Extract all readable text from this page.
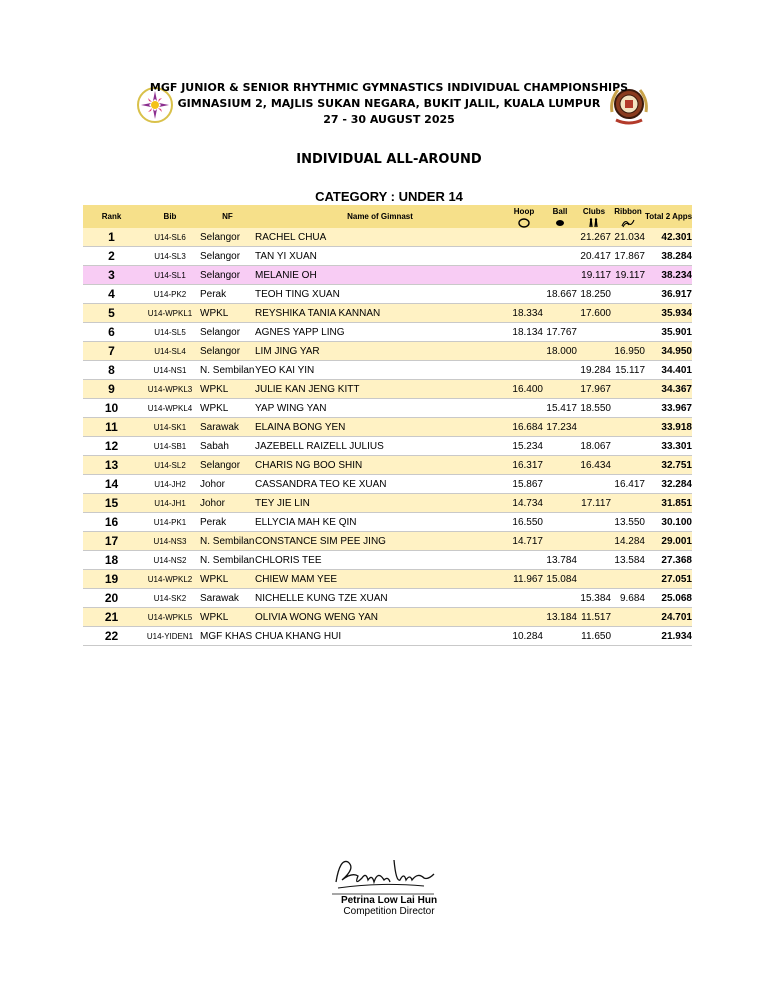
MGF JUNIOR & SENIOR RHYTHMIC GYMNASTICS INDIVIDUAL CHAMPIONSHIPS
GIMNASIUM 2, MAJLIS SUKAN NEGARA, BUKIT JALIL, KUALA LUMPUR
27 - 30 AUGUST 2025
INDIVIDUAL ALL-AROUND
CATEGORY : UNDER 14
Rank	Bib	NF	Name of Gimnast	Hoop	Ball	Clubs	Ribbon	Total 2 Apps
1	U14-SL6	Selangor	RACHEL CHUA			21.267	21.034	42.301
2	U14-SL3	Selangor	TAN YI XUAN			20.417	17.867	38.284
3	U14-SL1	Selangor	MELANIE OH			19.117	19.117	38.234
4	U14-PK2	Perak	TEOH TING XUAN		18.667	18.250		36.917
5	U14-WPKL1	WPKL	REYSHIKA TANIA KANNAN	18.334		17.600		35.934
6	U14-SL5	Selangor	AGNES YAPP LING	18.134	17.767			35.901
7	U14-SL4	Selangor	LIM JING YAR		18.000		16.950	34.950
8	U14-NS1	N. Sembilan	YEO KAI YIN			19.284	15.117	34.401
9	U14-WPKL3	WPKL	JULIE KAN JENG KITT	16.400		17.967		34.367
10	U14-WPKL4	WPKL	YAP WING YAN		15.417	18.550		33.967
11	U14-SK1	Sarawak	ELAINA BONG YEN	16.684	17.234			33.918
12	U14-SB1	Sabah	JAZEBELL RAIZELL JULIUS	15.234		18.067		33.301
13	U14-SL2	Selangor	CHARIS NG BOO SHIN	16.317		16.434		32.751
14	U14-JH2	Johor	CASSANDRA TEO KE XUAN	15.867			16.417	32.284
15	U14-JH1	Johor	TEY JIE LIN	14.734		17.117		31.851
16	U14-PK1	Perak	ELLYCIA MAH KE QIN	16.550			13.550	30.100
17	U14-NS3	N. Sembilan	CONSTANCE SIM PEE JING	14.717			14.284	29.001
18	U14-NS2	N. Sembilan	CHLORIS TEE		13.784		13.584	27.368
19	U14-WPKL2	WPKL	CHIEW MAM YEE	11.967	15.084			27.051
20	U14-SK2	Sarawak	NICHELLE KUNG TZE XUAN			15.384	9.684	25.068
21	U14-WPKL5	WPKL	OLIVIA WONG WENG YAN		13.184	11.517		24.701
22	U14-YIDEN1	MGF KHAS	CHUA KHANG HUI	10.284		11.650		21.934
Petrina Low Lai Hun
Competition Director
